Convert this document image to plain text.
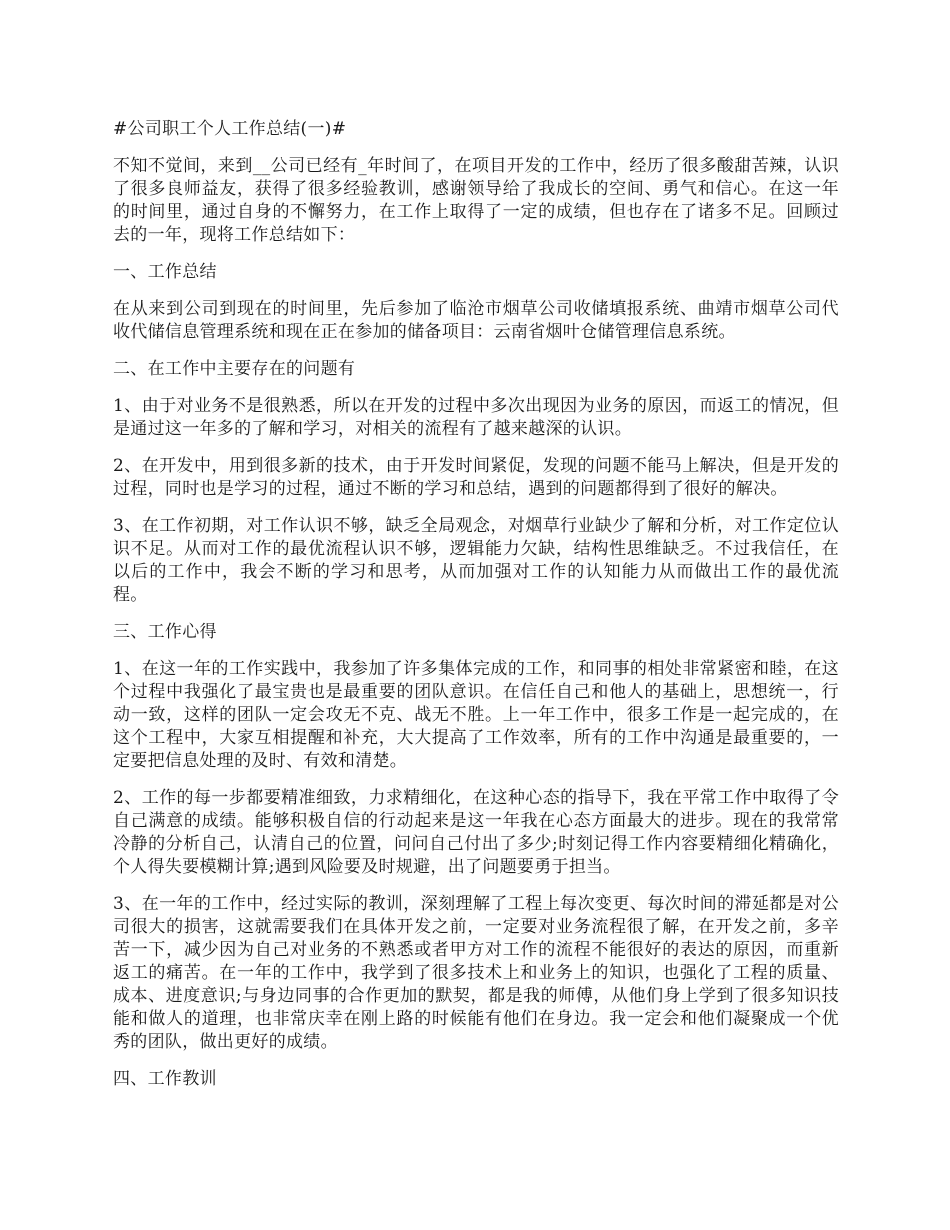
#公司职工个人工作总结(一)#
不知不觉间，来到__公司已经有_年时间了，在项目开发的工作中，经历了很多酸甜苦辣，认识了很多良师益友，获得了很多经验教训，感谢领导给了我成长的空间、勇气和信心。在这一年的时间里，通过自身的不懈努力，在工作上取得了一定的成绩，但也存在了诸多不足。回顾过去的一年，现将工作总结如下：
一、工作总结
在从来到公司到现在的时间里，先后参加了临沧市烟草公司收储填报系统、曲靖市烟草公司代收代储信息管理系统和现在正在参加的储备项目：云南省烟叶仓储管理信息系统。
二、在工作中主要存在的问题有
1、由于对业务不是很熟悉，所以在开发的过程中多次出现因为业务的原因，而返工的情况，但是通过这一年多的了解和学习，对相关的流程有了越来越深的认识。
2、在开发中，用到很多新的技术，由于开发时间紧促，发现的问题不能马上解决，但是开发的过程，同时也是学习的过程，通过不断的学习和总结，遇到的问题都得到了很好的解决。
3、在工作初期，对工作认识不够，缺乏全局观念，对烟草行业缺少了解和分析，对工作定位认识不足。从而对工作的最优流程认识不够，逻辑能力欠缺，结构性思维缺乏。不过我信任，在以后的工作中，我会不断的学习和思考，从而加强对工作的认知能力从而做出工作的最优流程。
三、工作心得
1、在这一年的工作实践中，我参加了许多集体完成的工作，和同事的相处非常紧密和睦，在这个过程中我强化了最宝贵也是最重要的团队意识。在信任自己和他人的基础上，思想统一，行动一致，这样的团队一定会攻无不克、战无不胜。上一年工作中，很多工作是一起完成的，在这个工程中，大家互相提醒和补充，大大提高了工作效率，所有的工作中沟通是最重要的，一定要把信息处理的及时、有效和清楚。
2、工作的每一步都要精准细致，力求精细化，在这种心态的指导下，我在平常工作中取得了令自己满意的成绩。能够积极自信的行动起来是这一年我在心态方面最大的进步。现在的我常常冷静的分析自己，认清自己的位置，问问自己付出了多少;时刻记得工作内容要精细化精确化，个人得失要模糊计算;遇到风险要及时规避，出了问题要勇于担当。
3、在一年的工作中，经过实际的教训，深刻理解了工程上每次变更、每次时间的滞延都是对公司很大的损害，这就需要我们在具体开发之前，一定要对业务流程很了解，在开发之前，多辛苦一下，减少因为自己对业务的不熟悉或者甲方对工作的流程不能很好的表达的原因，而重新返工的痛苦。在一年的工作中，我学到了很多技术上和业务上的知识，也强化了工程的质量、成本、进度意识;与身边同事的合作更加的默契，都是我的师傅，从他们身上学到了很多知识技能和做人的道理，也非常庆幸在刚上路的时候能有他们在身边。我一定会和他们凝聚成一个优秀的团队，做出更好的成绩。
四、工作教训
